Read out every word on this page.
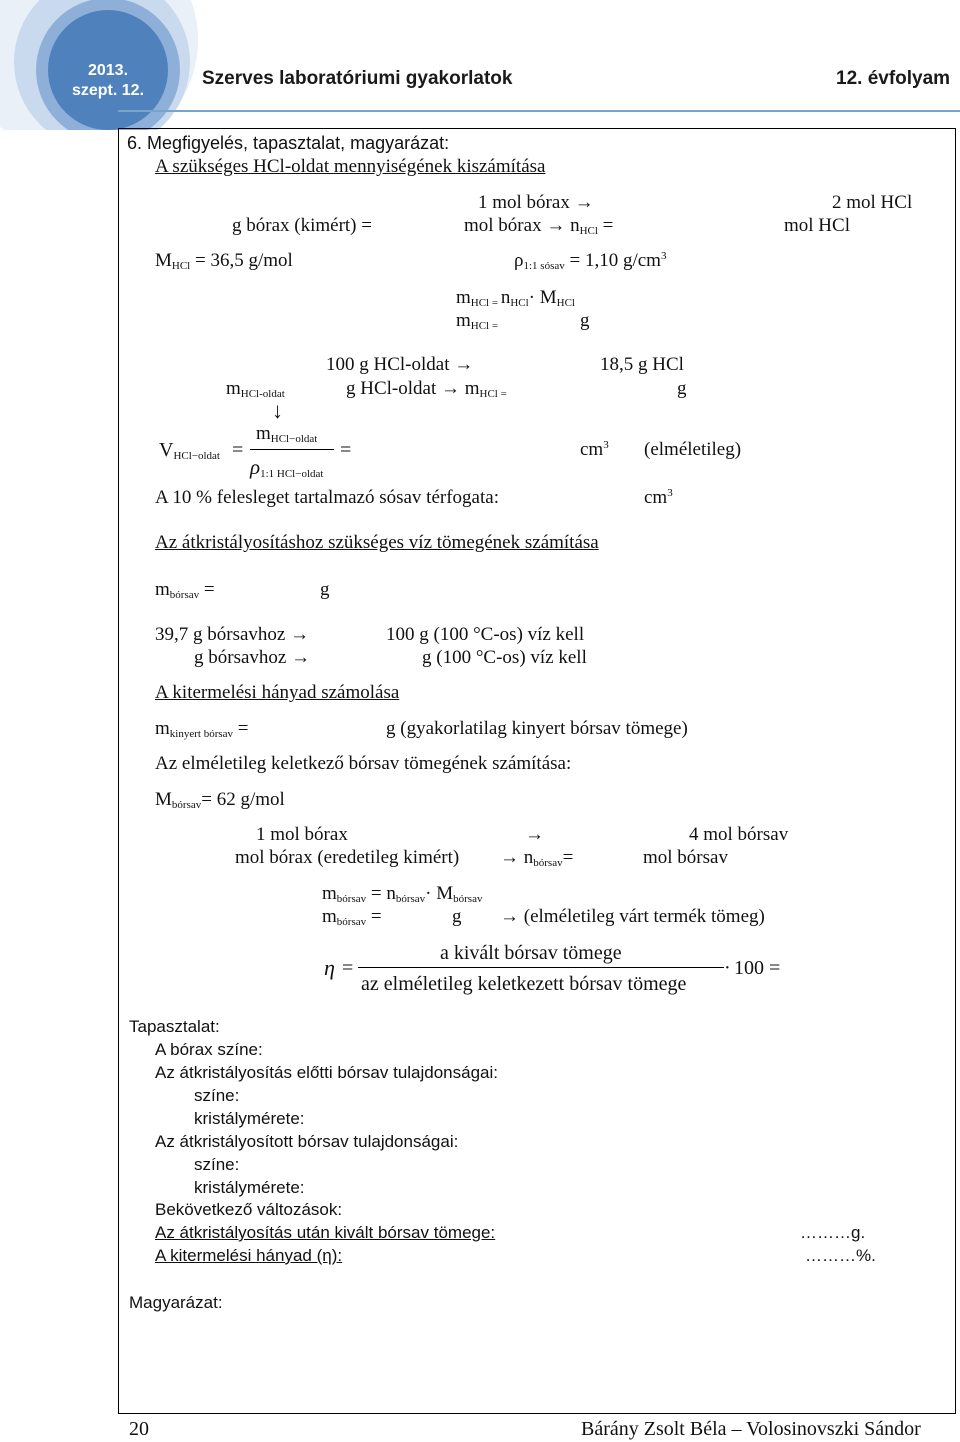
2013.
szept. 12.
Szerves laboratóriumi gyakorlatok	12. évfolyam
6. Megfigyelés, tapasztalat, magyarázat:
A szükséges HCl-oldat mennyiségének kiszámítása
1 mol bórax →	2 mol HCl
g bórax (kimért) =	mol bórax → $n_{HCl}$ =	mol HCl
$M_{HCl} = 36,5$ g/mol	$\rho_{1:1 sósav} = 1,10$ $g/cm^3$
$m_{HCl =}$ $n_{HCl}\cdot M_{HCl}$
$m_{HCl =}$	g
100 g HCl-oldat →	18,5 g HCl
$m_{HCl-oldat}$	g HCl-oldat → $m_{HCl =}$	g
↓
$V_{HCl-oldat}$ =
$m_{HCl-oldat}$
$\rho_{1:1 HCl-oldat}$
=	$cm^3$ (elméletileg)
A 10 % felesleget tartalmazó sósav térfogata:	$cm^3$
Az átkristályosításhoz szükséges víz tömegének számítása
$m_{bórsav}$ =	g
39,7 g bórsavhoz →	100 g (100 °C-os) víz kell
g bórsavhoz →	g (100 °C-os) víz kell
A kitermelési hányad számolása
$m_{kinyert bórsav}$ =	g (gyakorlatilag kinyert bórsav tömege)
Az elméletileg keletkező bórsav tömegének számítása:
$M_{bórsav}= 62$ g/mol
1 mol bórax	→	4 mol bórsav
mol bórax (eredetileg kimért) → $n_{bórsav}=$	mol bórsav
$m_{bórsav} = n_{bórsav}\cdot M_{bórsav}$
$m_{bórsav}$ =	g → (elméletileg várt termék tömeg)
η =
a kivált bórsav tömege
az elméletileg keletkezett bórsav tömege
· 100 =
Tapasztalat:
A bórax színe:
Az átkristályosítás előtti bórsav tulajdonságai:
színe:
kristálymérete:
Az átkristályosított bórsav tulajdonságai:
színe:
kristálymérete:
Bekövetkező változások:
Az átkristályosítás után kivált bórsav tömege:	………g.
A kitermelési hányad (η):	………%.
Magyarázat:
20	Bárány Zsolt Béla – Volosinovszki Sándor
